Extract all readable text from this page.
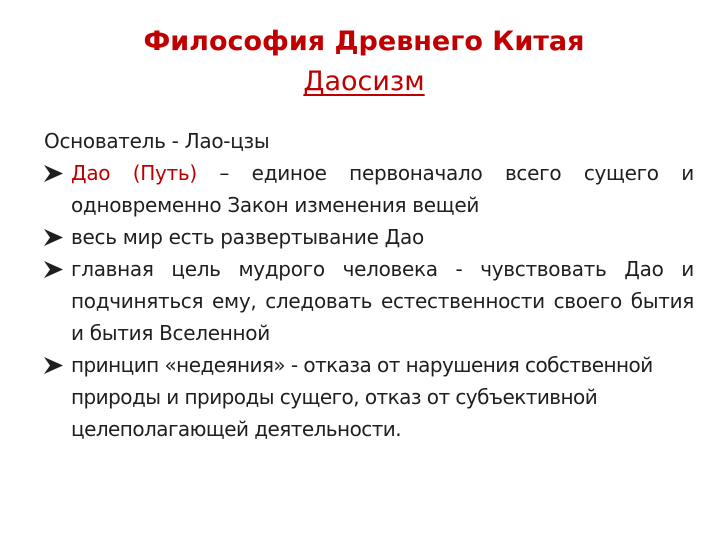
Философия Древнего Китая
Даосизм

Основатель - Лао-цзы

Дао (Путь) – единое первоначало всего сущего и одновременно Закон изменения вещей
весь мир есть развертывание Дао
главная цель мудрого человека - чувствовать Дао и подчиняться ему, следовать естественности своего бытия и бытия Вселенной
принцип «недеяния» - отказа от нарушения собственной природы и природы сущего, отказ от субъективной целеполагающей деятельности.
